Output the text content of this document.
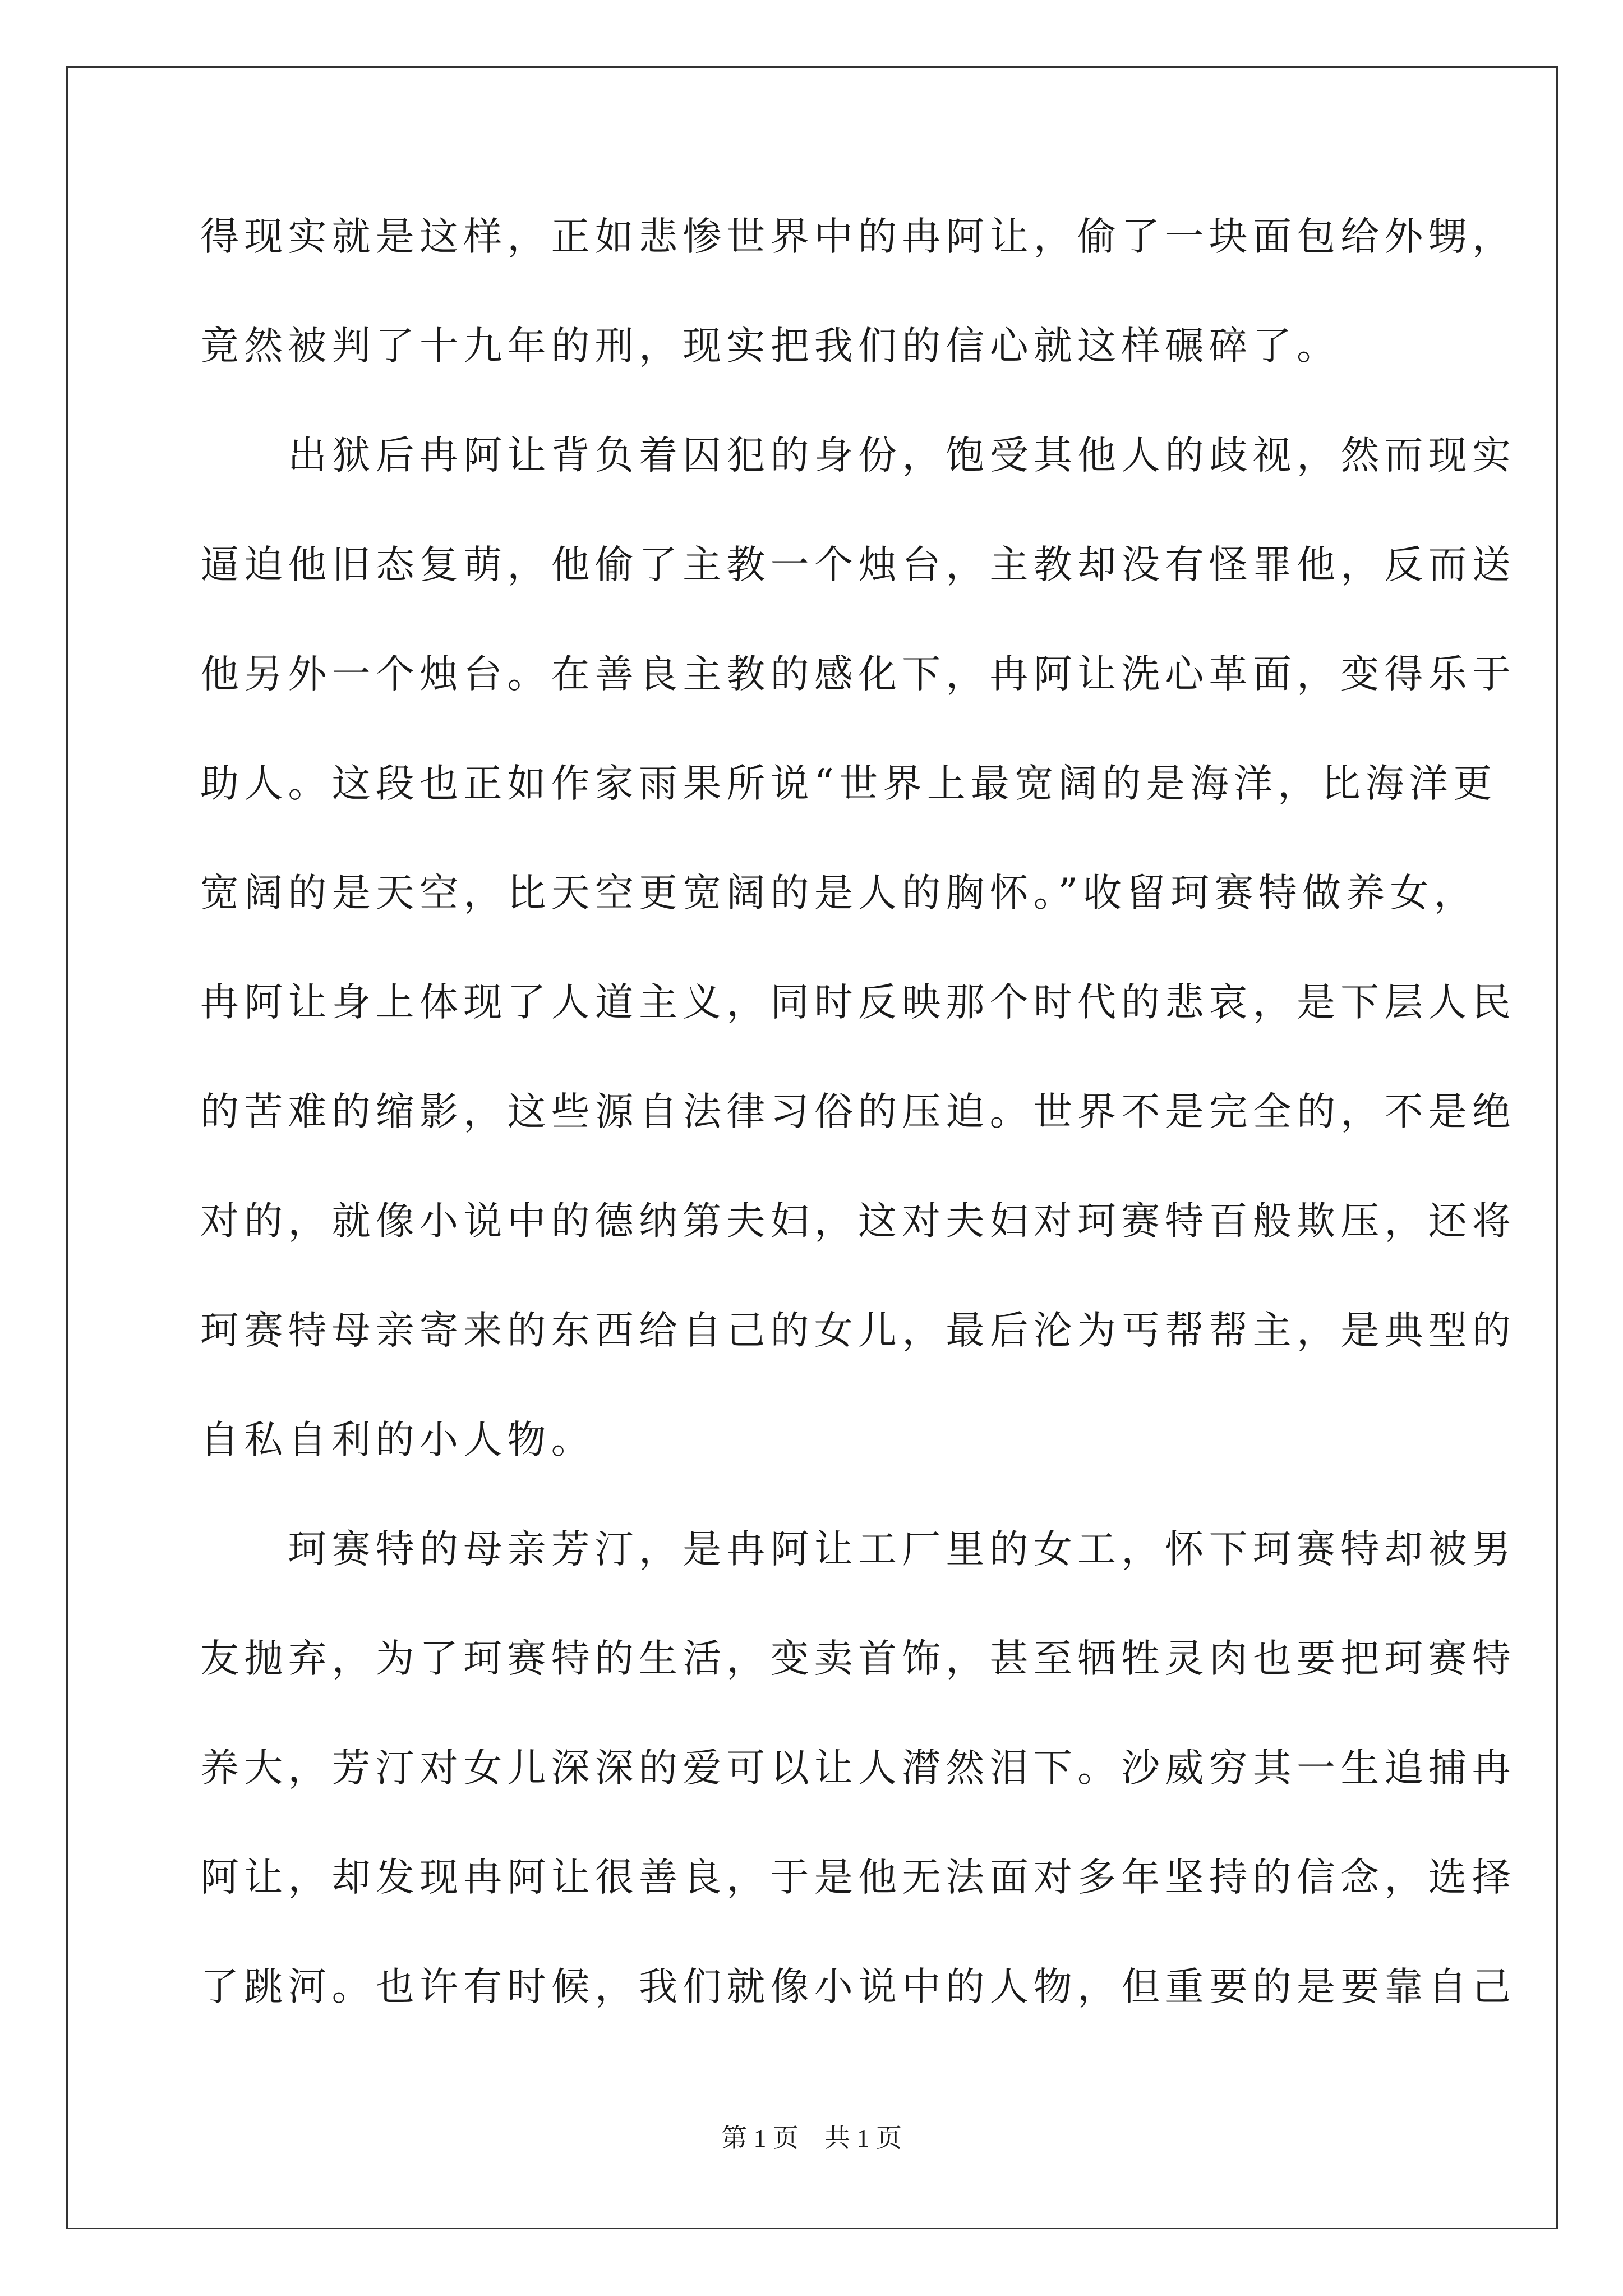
得现实就是这样，正如悲惨世界中的冉阿让，偷了一块面包给外甥，
竟然被判了十九年的刑，现实把我们的信心就这样碾碎了。
　　出狱后冉阿让背负着囚犯的身份，饱受其他人的歧视，然而现实
逼迫他旧态复萌，他偷了主教一个烛台，主教却没有怪罪他，反而送
他另外一个烛台。在善良主教的感化下，冉阿让洗心革面，变得乐于
助人。这段也正如作家雨果所说“世界上最宽阔的是海洋，比海洋更
宽阔的是天空，比天空更宽阔的是人的胸怀。”收留珂赛特做养女，
冉阿让身上体现了人道主义，同时反映那个时代的悲哀，是下层人民
的苦难的缩影，这些源自法律习俗的压迫。世界不是完全的，不是绝
对的，就像小说中的德纳第夫妇，这对夫妇对珂赛特百般欺压，还将
珂赛特母亲寄来的东西给自己的女儿，最后沦为丐帮帮主，是典型的
自私自利的小人物。
　　珂赛特的母亲芳汀，是冉阿让工厂里的女工，怀下珂赛特却被男
友抛弃，为了珂赛特的生活，变卖首饰，甚至牺牲灵肉也要把珂赛特
养大，芳汀对女儿深深的爱可以让人潸然泪下。沙威穷其一生追捕冉
阿让，却发现冉阿让很善良，于是他无法面对多年坚持的信念，选择
了跳河。也许有时候，我们就像小说中的人物，但重要的是要靠自己
第 1 页　共 1 页
